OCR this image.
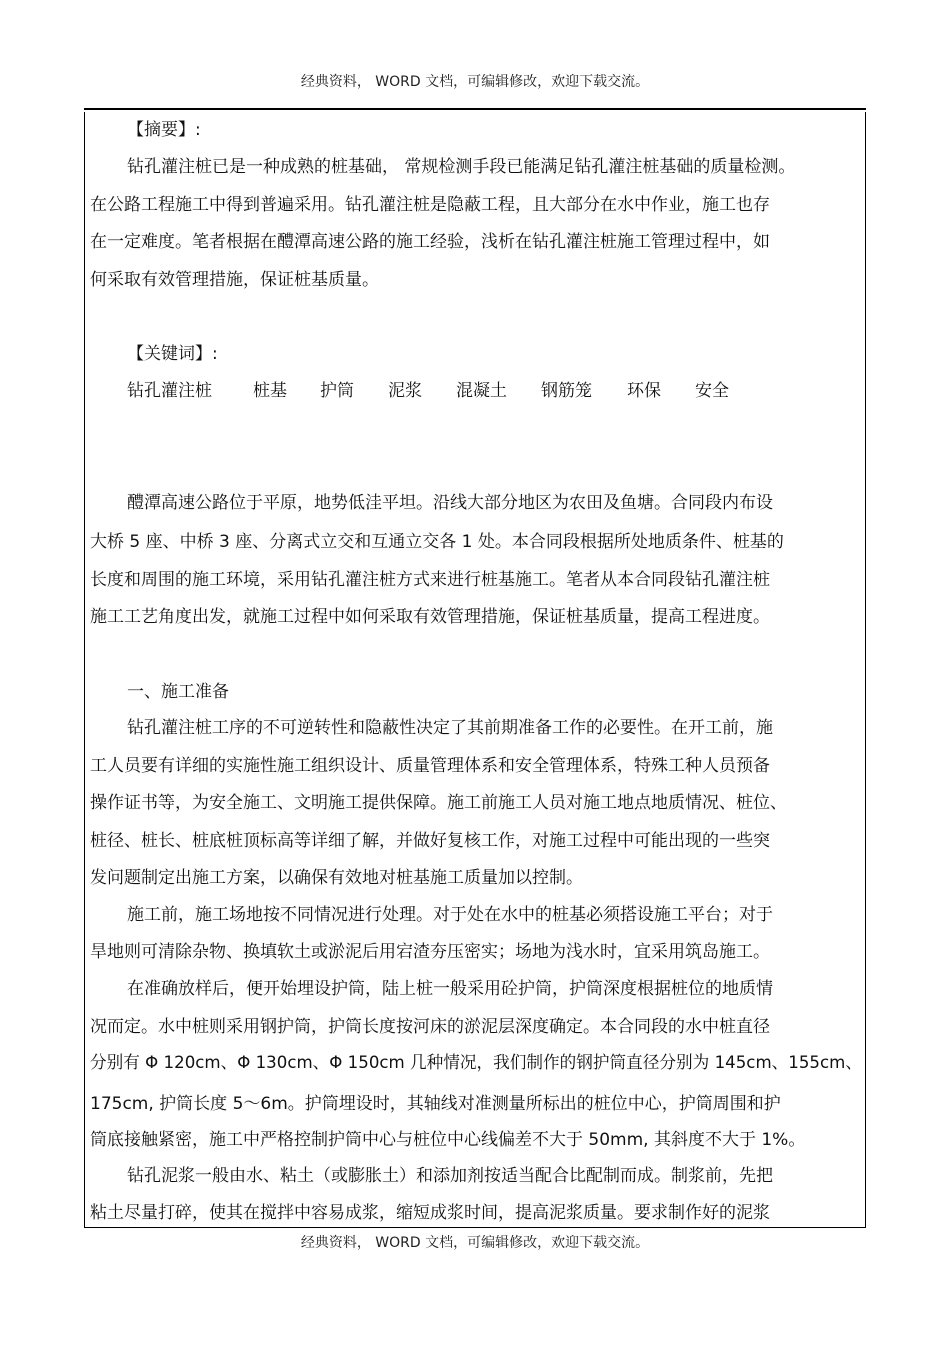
经典资料， WORD 文档，可编辑修改，欢迎下载交流。
【摘要】:
钻孔灌注桩已是一种成熟的桩基础， 常规检测手段已能满足钻孔灌注桩基础的质量检测。
在公路工程施工中得到普遍采用。钻孔灌注桩是隐蔽工程，且大部分在水中作业，施工也存
在一定难度。笔者根据在醴潭高速公路的施工经验，浅析在钻孔灌注桩施工管理过程中，如
何采取有效管理措施，保证桩基质量。
【关键词】:
钻孔灌注桩 桩基 护筒 泥浆 混凝土 钢筋笼 环保 安全
醴潭高速公路位于平原，地势低洼平坦。沿线大部分地区为农田及鱼塘。合同段内布设
大桥 5 座、中桥 3 座、分离式立交和互通立交各 1 处。本合同段根据所处地质条件、桩基的
长度和周围的施工环境，采用钻孔灌注桩方式来进行桩基施工。笔者从本合同段钻孔灌注桩
施工工艺角度出发，就施工过程中如何采取有效管理措施，保证桩基质量，提高工程进度。
一、施工准备
钻孔灌注桩工序的不可逆转性和隐蔽性决定了其前期准备工作的必要性。在开工前，施
工人员要有详细的实施性施工组织设计、质量管理体系和安全管理体系，特殊工种人员预备
操作证书等，为安全施工、文明施工提供保障。施工前施工人员对施工地点地质情况、桩位、
桩径、桩长、桩底桩顶标高等详细了解，并做好复核工作，对施工过程中可能出现的一些突
发问题制定出施工方案，以确保有效地对桩基施工质量加以控制。
施工前，施工场地按不同情况进行处理。对于处在水中的桩基必须搭设施工平台；对于
旱地则可清除杂物、换填软土或淤泥后用宕渣夯压密实；场地为浅水时，宜采用筑岛施工。
在准确放样后，便开始埋设护筒，陆上桩一般采用砼护筒，护筒深度根据桩位的地质情
况而定。水中桩则采用钢护筒，护筒长度按河床的淤泥层深度确定。本合同段的水中桩直径
分别有 Φ 120cm、Φ 130cm、Φ 150cm 几种情况，我们制作的钢护筒直径分别为 145cm、155cm、
175cm, 护筒长度 5～6m。护筒埋设时，其轴线对准测量所标出的桩位中心，护筒周围和护
筒底接触紧密，施工中严格控制护筒中心与桩位中心线偏差不大于 50mm, 其斜度不大于 1%。
钻孔泥浆一般由水、粘土（或膨胀土）和添加剂按适当配合比配制而成。制浆前，先把
粘土尽量打碎，使其在搅拌中容易成浆，缩短成浆时间，提高泥浆质量。要求制作好的泥浆
经典资料， WORD 文档，可编辑修改，欢迎下载交流。
